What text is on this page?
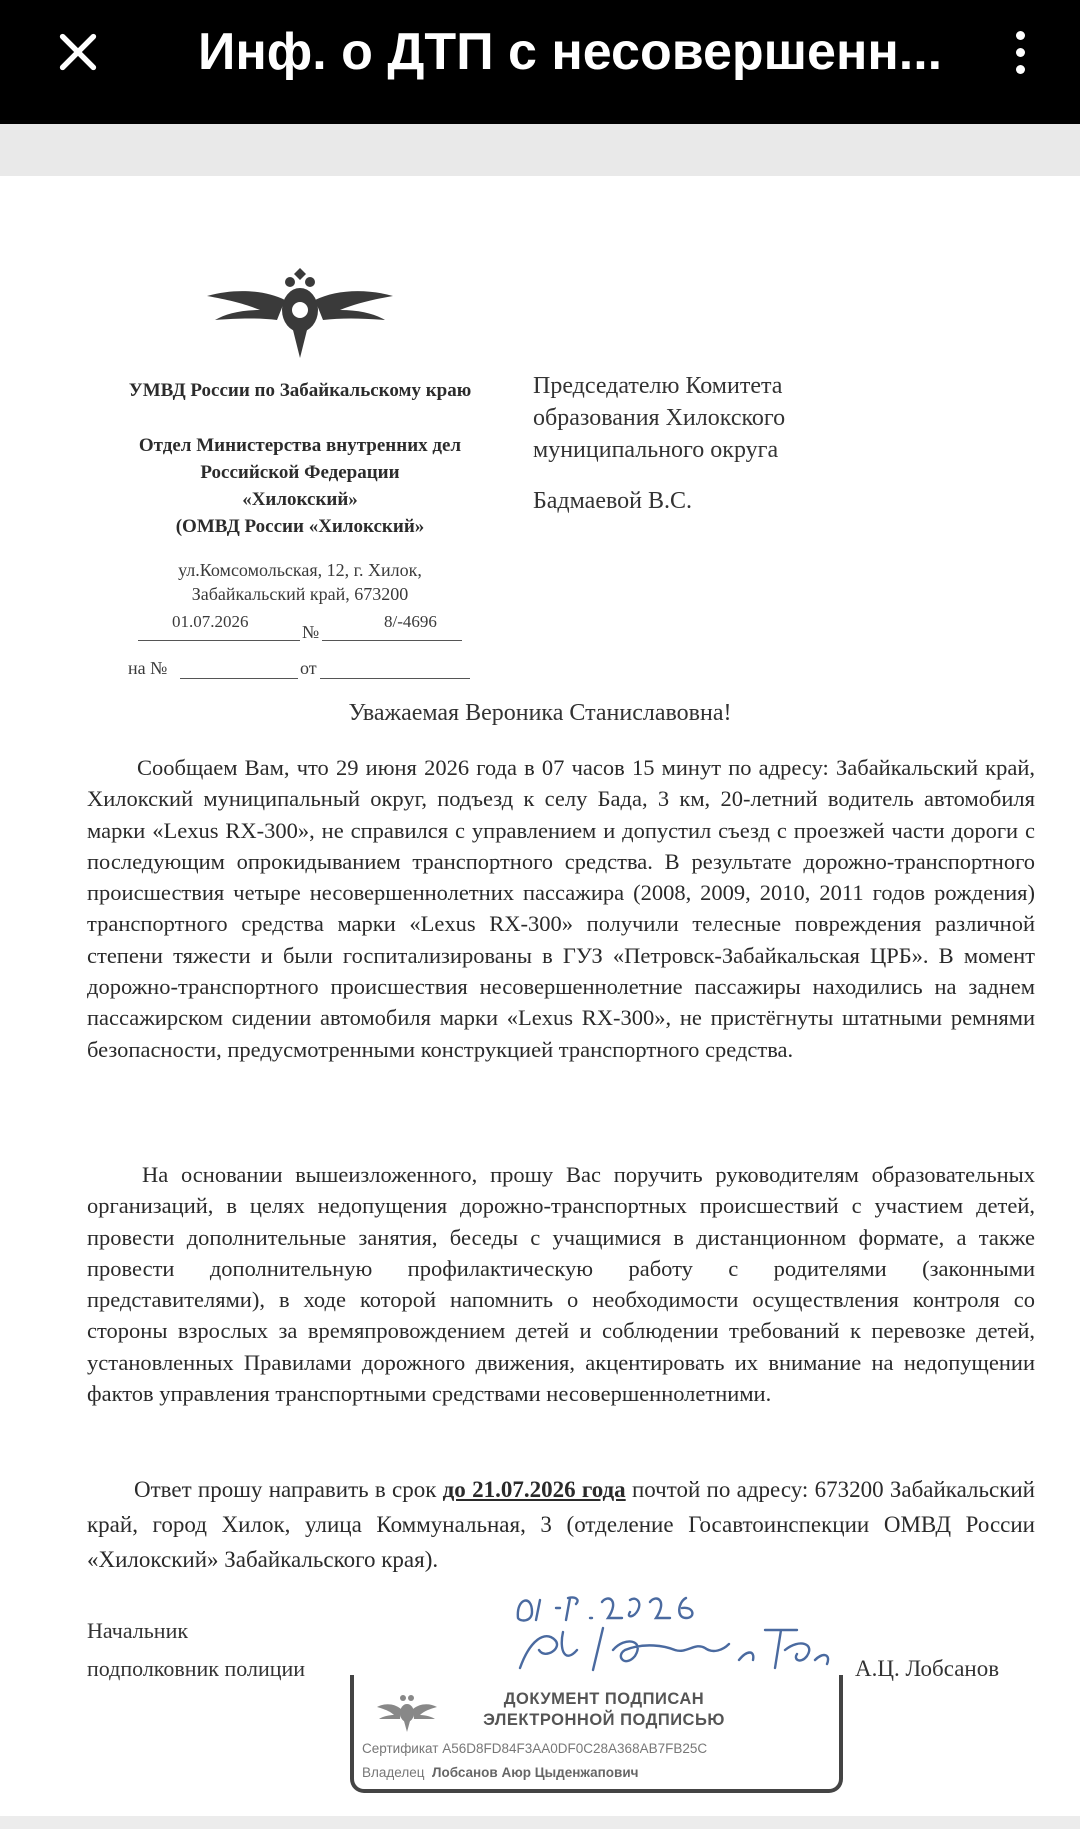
Инф. о ДТП с несовершенн...
УМВД России по Забайкальскому краю
Отдел Министерства внутренних дел
Российской Федерации
«Хилокский»
(ОМВД России «Хилокский»
ул.Комсомольская, 12, г. Хилок,
Забайкальский край, 673200
01.07.2026
№
8/-4696
на №	от
Председателю Комитета
образования Хилокского
муниципального округа
Бадмаевой В.С.
Уважаемая Вероника Станиславовна!
Сообщаем Вам, что 29 июня 2026 года в 07 часов 15 минут по адресу: Забайкальский край, Хилокский муниципальный округ, подъезд к селу Бада, 3 км, 20-летний водитель автомобиля марки «Lexus RX-300», не справился с управлением и допустил съезд с проезжей части дороги с последующим опрокидыванием транспортного средства. В результате дорожно-транспортного происшествия четыре несовершеннолетних пассажира (2008, 2009, 2010, 2011 годов рождения) транспортного средства марки «Lexus RX-300» получили телесные повреждения различной степени тяжести и были госпитализированы в ГУЗ «Петровск-Забайкальская ЦРБ». В момент дорожно-транспортного происшествия несовершеннолетние пассажиры находились на заднем пассажирском сидении автомобиля марки «Lexus RX-300», не пристёгнуты штатными ремнями безопасности, предусмотренными конструкцией транспортного средства.
На основании вышеизложенного, прошу Вас поручить руководителям образовательных организаций, в целях недопущения дорожно-транспортных происшествий с участием детей, провести дополнительные занятия, беседы с учащимися в дистанционном формате, а также провести дополнительную профилактическую работу с родителями (законными представителями), в ходе которой напомнить о необходимости осуществления контроля со стороны взрослых за времяпровождением детей и соблюдении требований к перевозке детей, установленных Правилами дорожного движения, акцентировать их внимание на недопущении фактов управления транспортными средствами несовершеннолетними.
Ответ прошу направить в срок до 21.07.2026 года почтой по адресу: 673200 Забайкальский край, город Хилок, улица Коммунальная, 3 (отделение Госавтоинспекции ОМВД России «Хилокский» Забайкальского края).
Начальник
подполковник полиции	А.Ц. Лобсанов
ДОКУМЕНТ ПОДПИСАН
ЭЛЕКТРОННОЙ ПОДПИСЬЮ
Сертификат A56D8FD84F3AA0DF0C28A368AB7FB25C
Владелец Лобсанов Аюр Цыденжапович
